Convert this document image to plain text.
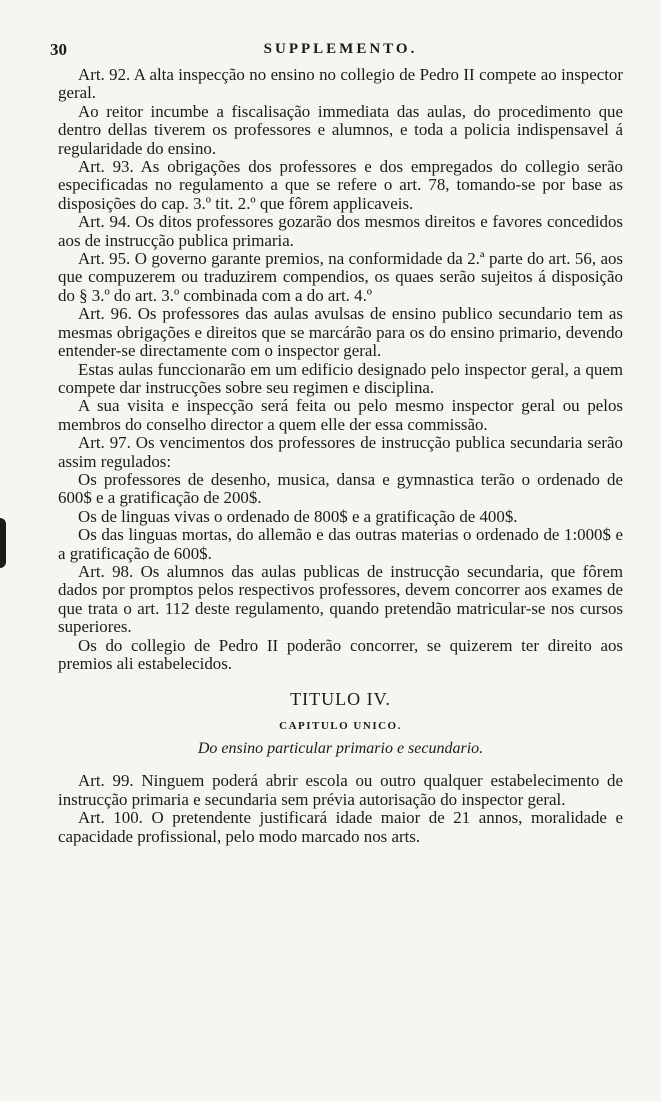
30	SUPPLEMENTO.

Art. 92. A alta inspecção no ensino no collegio de Pedro II compete ao inspector geral.

Ao reitor incumbe a fiscalisação immediata das aulas, do procedimento que dentro dellas tiverem os professores e alumnos, e toda a policia indispensavel á regularidade do ensino.

Art. 93. As obrigações dos professores e dos empregados do collegio serão especificadas no regulamento a que se refere o art. 78, tomando-se por base as disposições do cap. 3.º tit. 2.º que fôrem applicaveis.

Art. 94. Os ditos professores gozarão dos mesmos direitos e favores concedidos aos de instrucção publica primaria.

Art. 95. O governo garante premios, na conformidade da 2.ª parte do art. 56, aos que compuzerem ou traduzirem compendios, os quaes serão sujeitos á disposição do § 3.º do art. 3.º combinada com a do art. 4.º

Art. 96. Os professores das aulas avulsas de ensino publico secundario tem as mesmas obrigações e direitos que se marcárão para os do ensino primario, devendo entender-se directamente com o inspector geral.

Estas aulas funccionarão em um edificio designado pelo inspector geral, a quem compete dar instrucções sobre seu regimen e disciplina.

A sua visita e inspecção será feita ou pelo mesmo inspector geral ou pelos membros do conselho director a quem elle der essa commissão.

Art. 97. Os vencimentos dos professores de instrucção publica secundaria serão assim regulados:

Os professores de desenho, musica, dansa e gymnastica terão o ordenado de 600$ e a gratificação de 200$.

Os de linguas vivas o ordenado de 800$ e a gratificação de 400$.

Os das linguas mortas, do allemão e das outras materias o ordenado de 1:000$ e a gratificação de 600$.

Art. 98. Os alumnos das aulas publicas de instrucção secundaria, que fôrem dados por promptos pelos respectivos professores, devem concorrer aos exames de que trata o art. 112 deste regulamento, quando pretendão matricular-se nos cursos superiores.

Os do collegio de Pedro II poderão concorrer, se quizerem ter direito aos premios ali estabelecidos.

TITULO IV.
CAPITULO UNICO.
Do ensino particular primario e secundario.

Art. 99. Ninguem poderá abrir escola ou outro qualquer estabelecimento de instrucção primaria e secundaria sem prévia autorisação do inspector geral.

Art. 100. O pretendente justificará idade maior de 21 annos, moralidade e capacidade profissional, pelo modo marcado nos arts.
